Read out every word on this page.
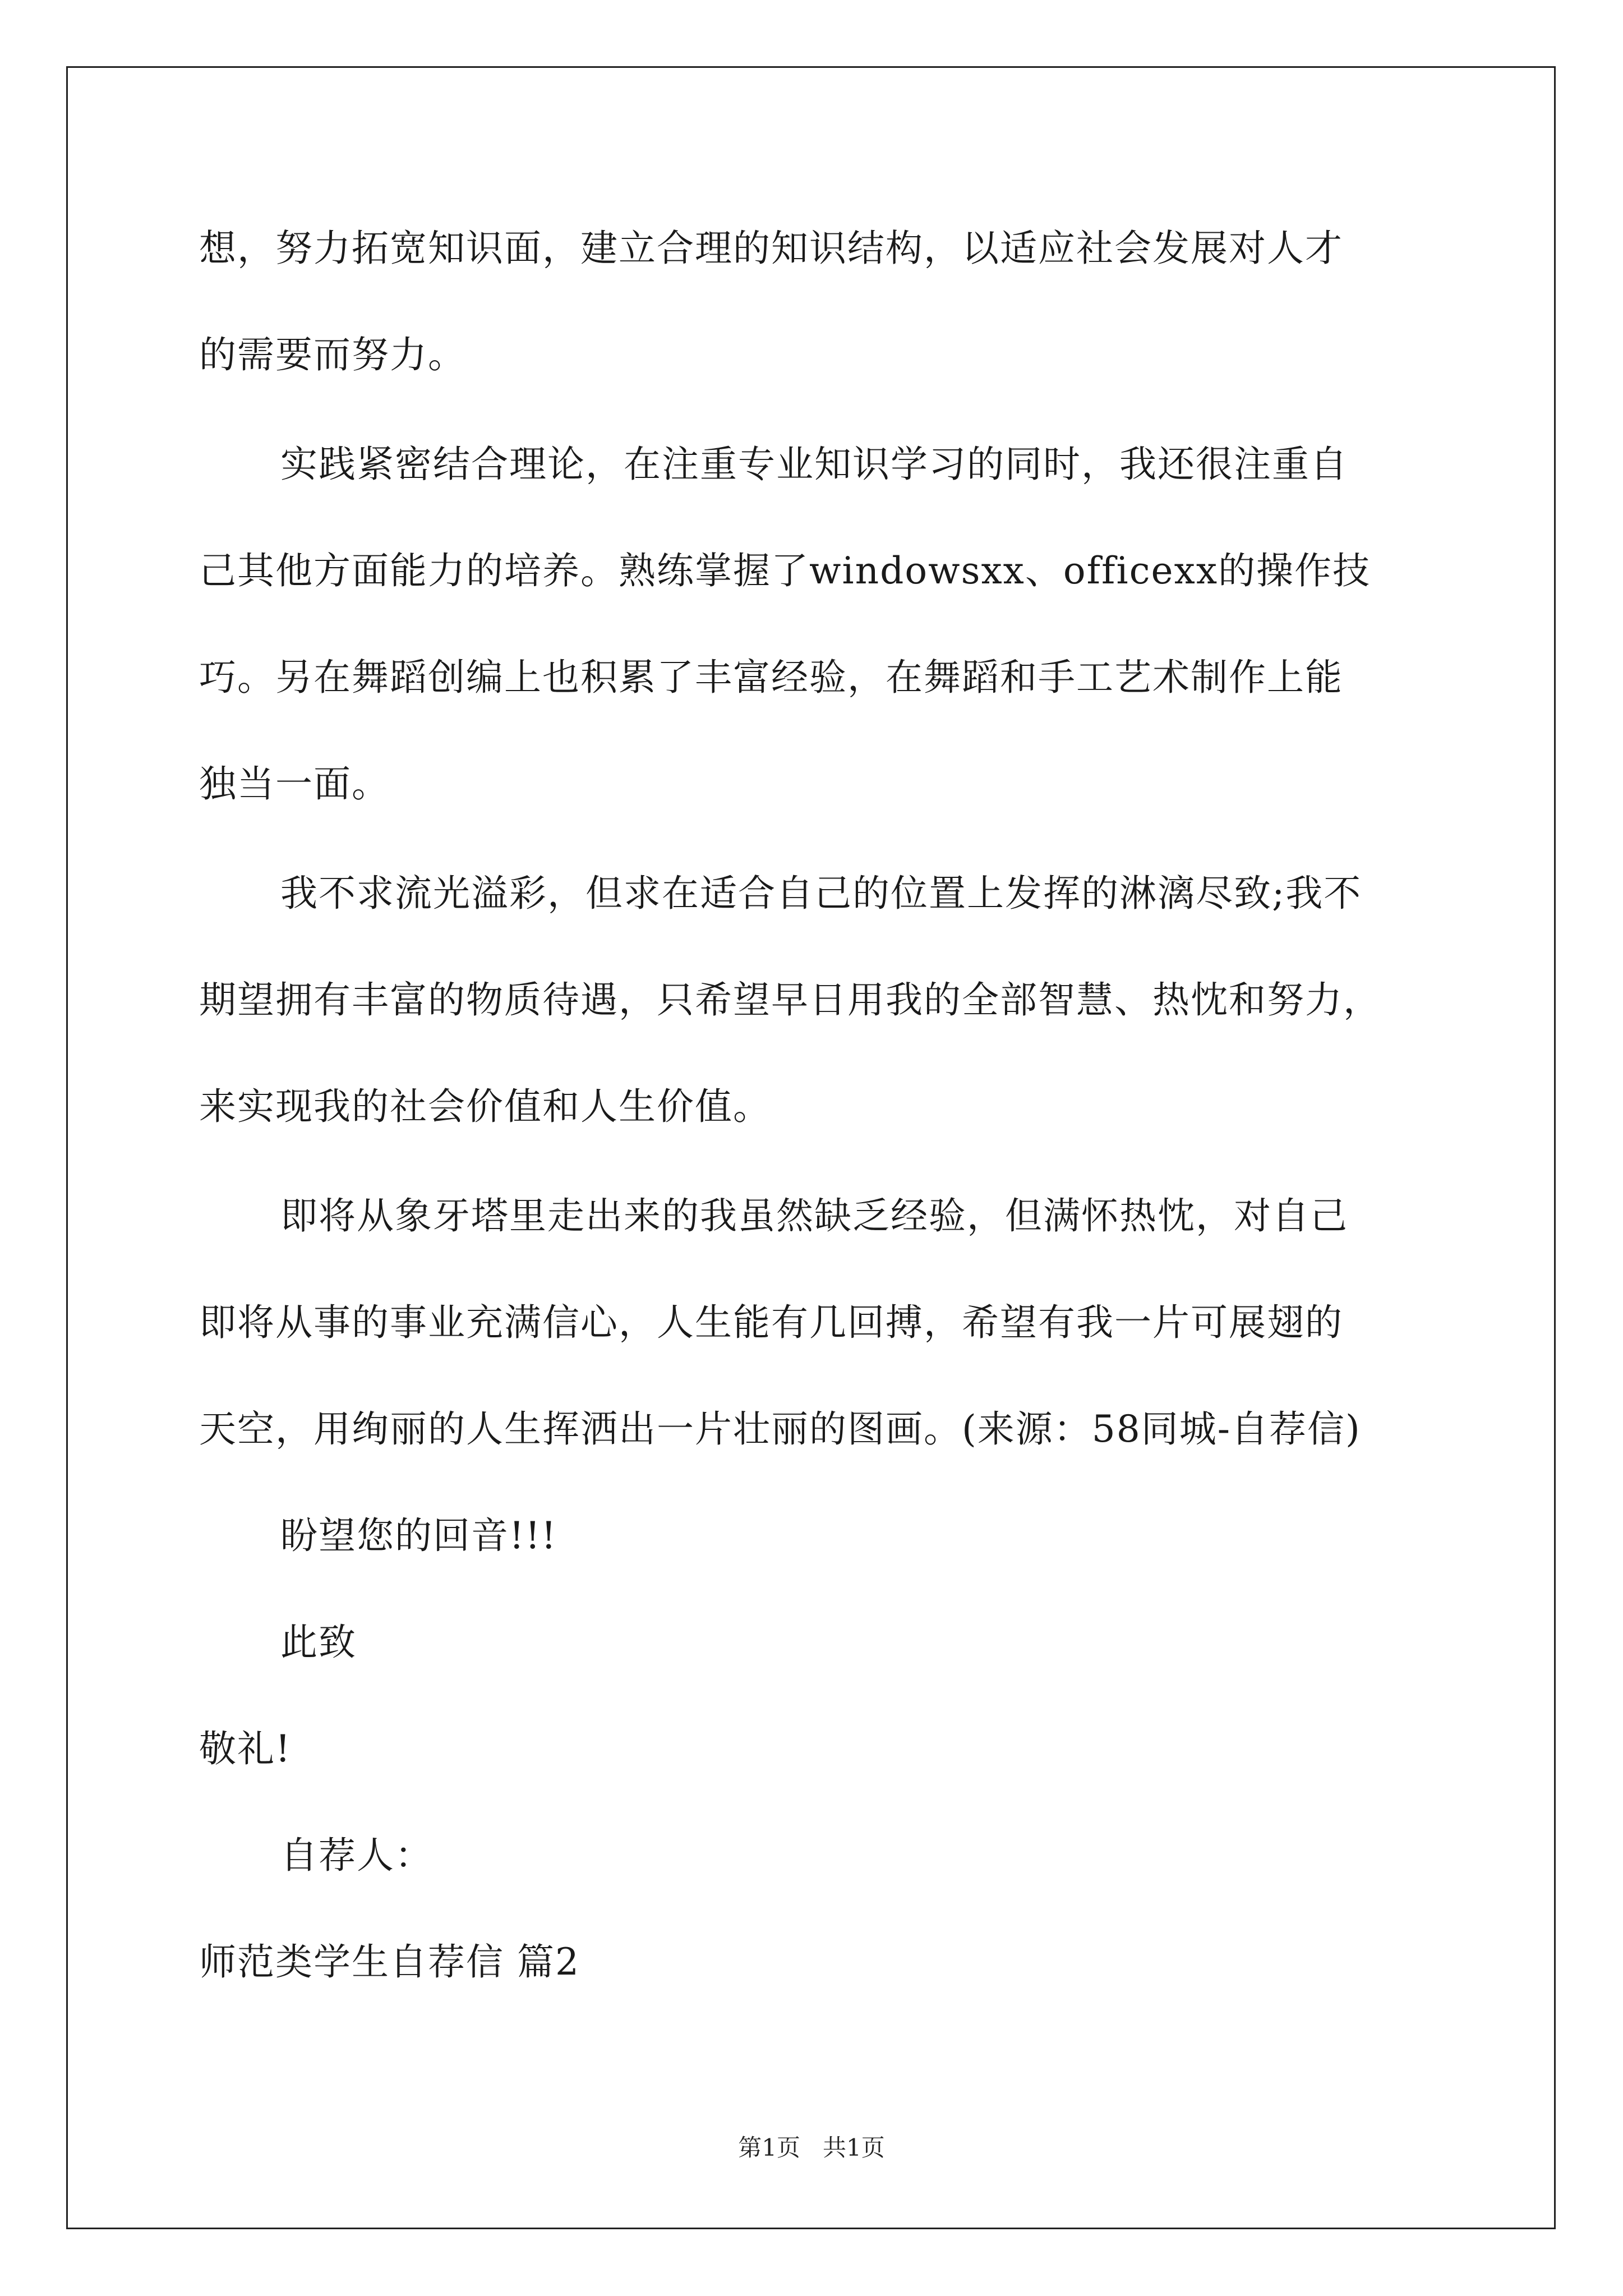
想，努力拓宽知识面，建立合理的知识结构，以适应社会发展对人才
的需要而努力。
实践紧密结合理论，在注重专业知识学习的同时，我还很注重自
己其他方面能力的培养。熟练掌握了windowsxx、officexx的操作技
巧。另在舞蹈创编上也积累了丰富经验，在舞蹈和手工艺术制作上能
独当一面。
我不求流光溢彩，但求在适合自己的位置上发挥的淋漓尽致;我不
期望拥有丰富的物质待遇，只希望早日用我的全部智慧、热忱和努力，
来实现我的社会价值和人生价值。
即将从象牙塔里走出来的我虽然缺乏经验，但满怀热忱，对自己
即将从事的事业充满信心，人生能有几回搏，希望有我一片可展翅的
天空，用绚丽的人生挥洒出一片壮丽的图画。(来源：58同城-自荐信)
盼望您的回音!!!
此致
敬礼!
自荐人：
师范类学生自荐信 篇2
第1页 共1页
